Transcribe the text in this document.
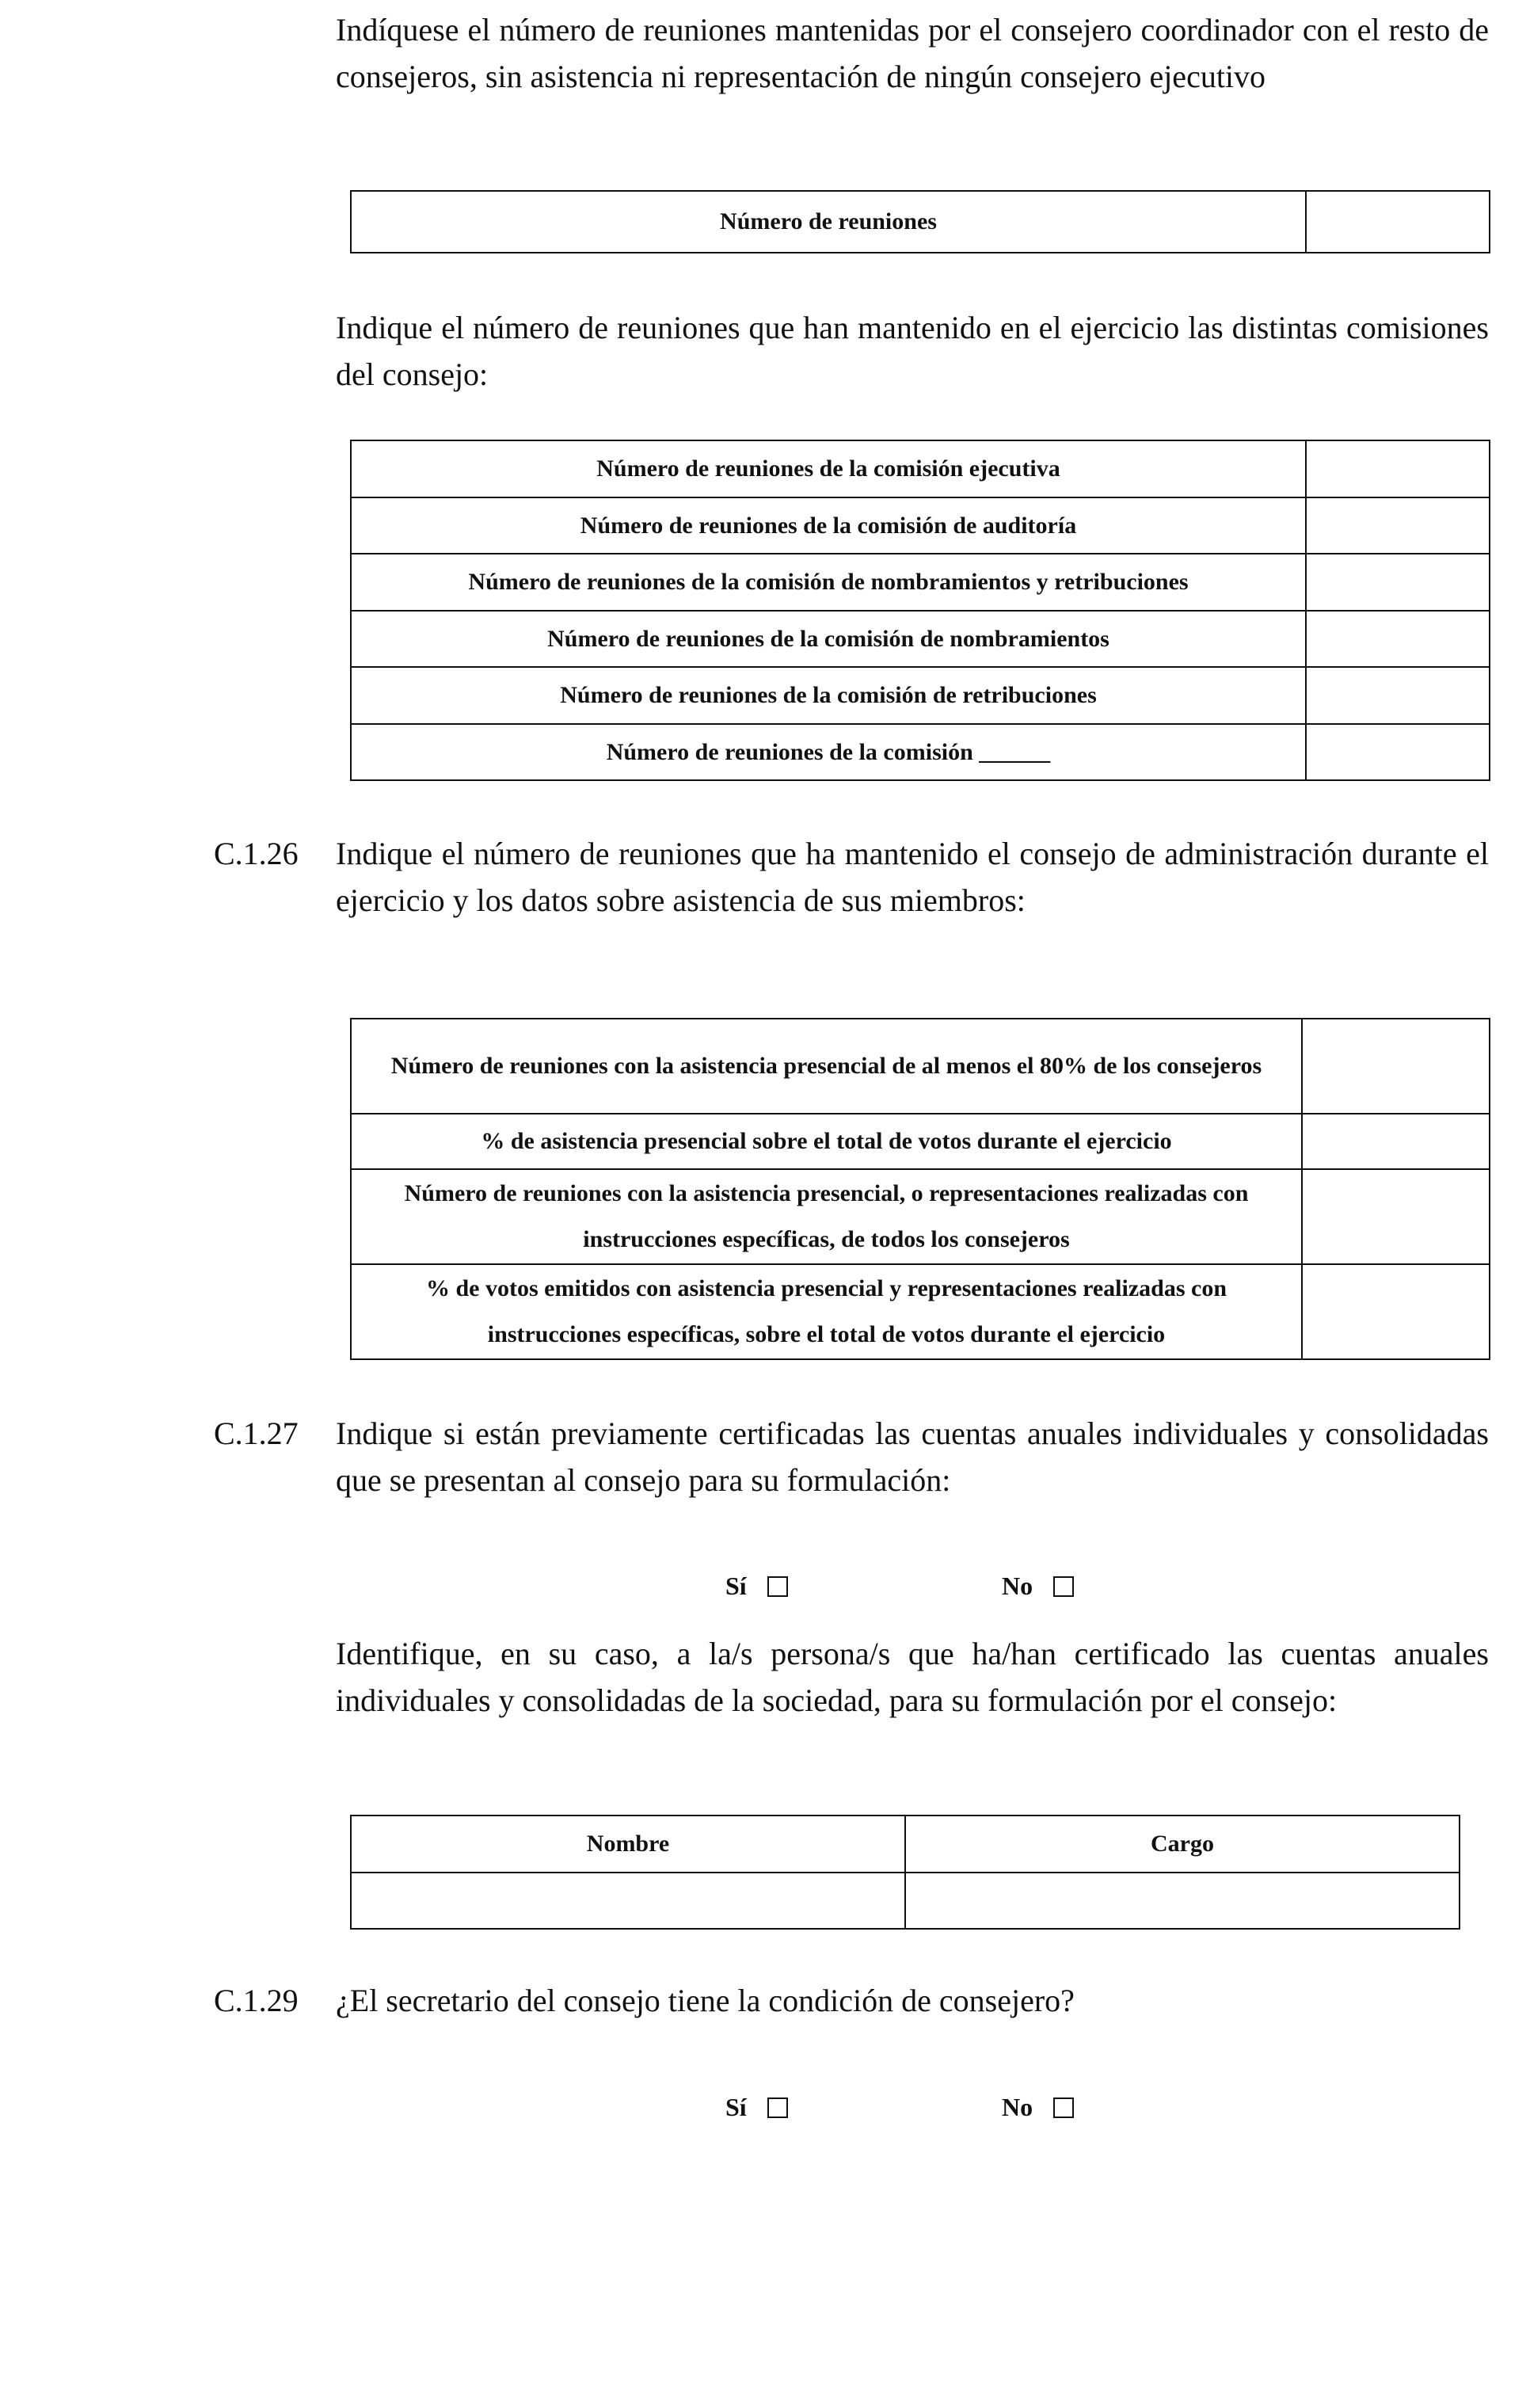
Indíquese el número de reuniones mantenidas por el consejero coordinador con el resto de consejeros, sin asistencia ni representación de ningún consejero ejecutivo

Número de reuniones	

Indique el número de reuniones que han mantenido en el ejercicio las distintas comisiones del consejo:

Número de reuniones de la comisión ejecutiva	
Número de reuniones de la comisión de auditoría	
Número de reuniones de la comisión de nombramientos y retribuciones	
Número de reuniones de la comisión de nombramientos	
Número de reuniones de la comisión de retribuciones	
Número de reuniones de la comisión ______	
C.1.26 Indique el número de reuniones que ha mantenido el consejo de administración durante el ejercicio y los datos sobre asistencia de sus miembros:

Número de reuniones con la asistencia presencial de al menos el 80% de los consejeros	
% de asistencia presencial sobre el total de votos durante el ejercicio	
Número de reuniones con la asistencia presencial, o representaciones realizadas con instrucciones específicas, de todos los consejeros	
% de votos emitidos con asistencia presencial y representaciones realizadas con instrucciones específicas, sobre el total de votos durante el ejercicio	
C.1.27 Indique si están previamente certificadas las cuentas anuales individuales y consolidadas que se presentan al consejo para su formulación:

Sí	No

Identifique, en su caso, a la/s persona/s que ha/han certificado las cuentas anuales individuales y consolidadas de la sociedad, para su formulación por el consejo:

Nombre	Cargo

C.1.29 ¿El secretario del consejo tiene la condición de consejero?

Sí	No
